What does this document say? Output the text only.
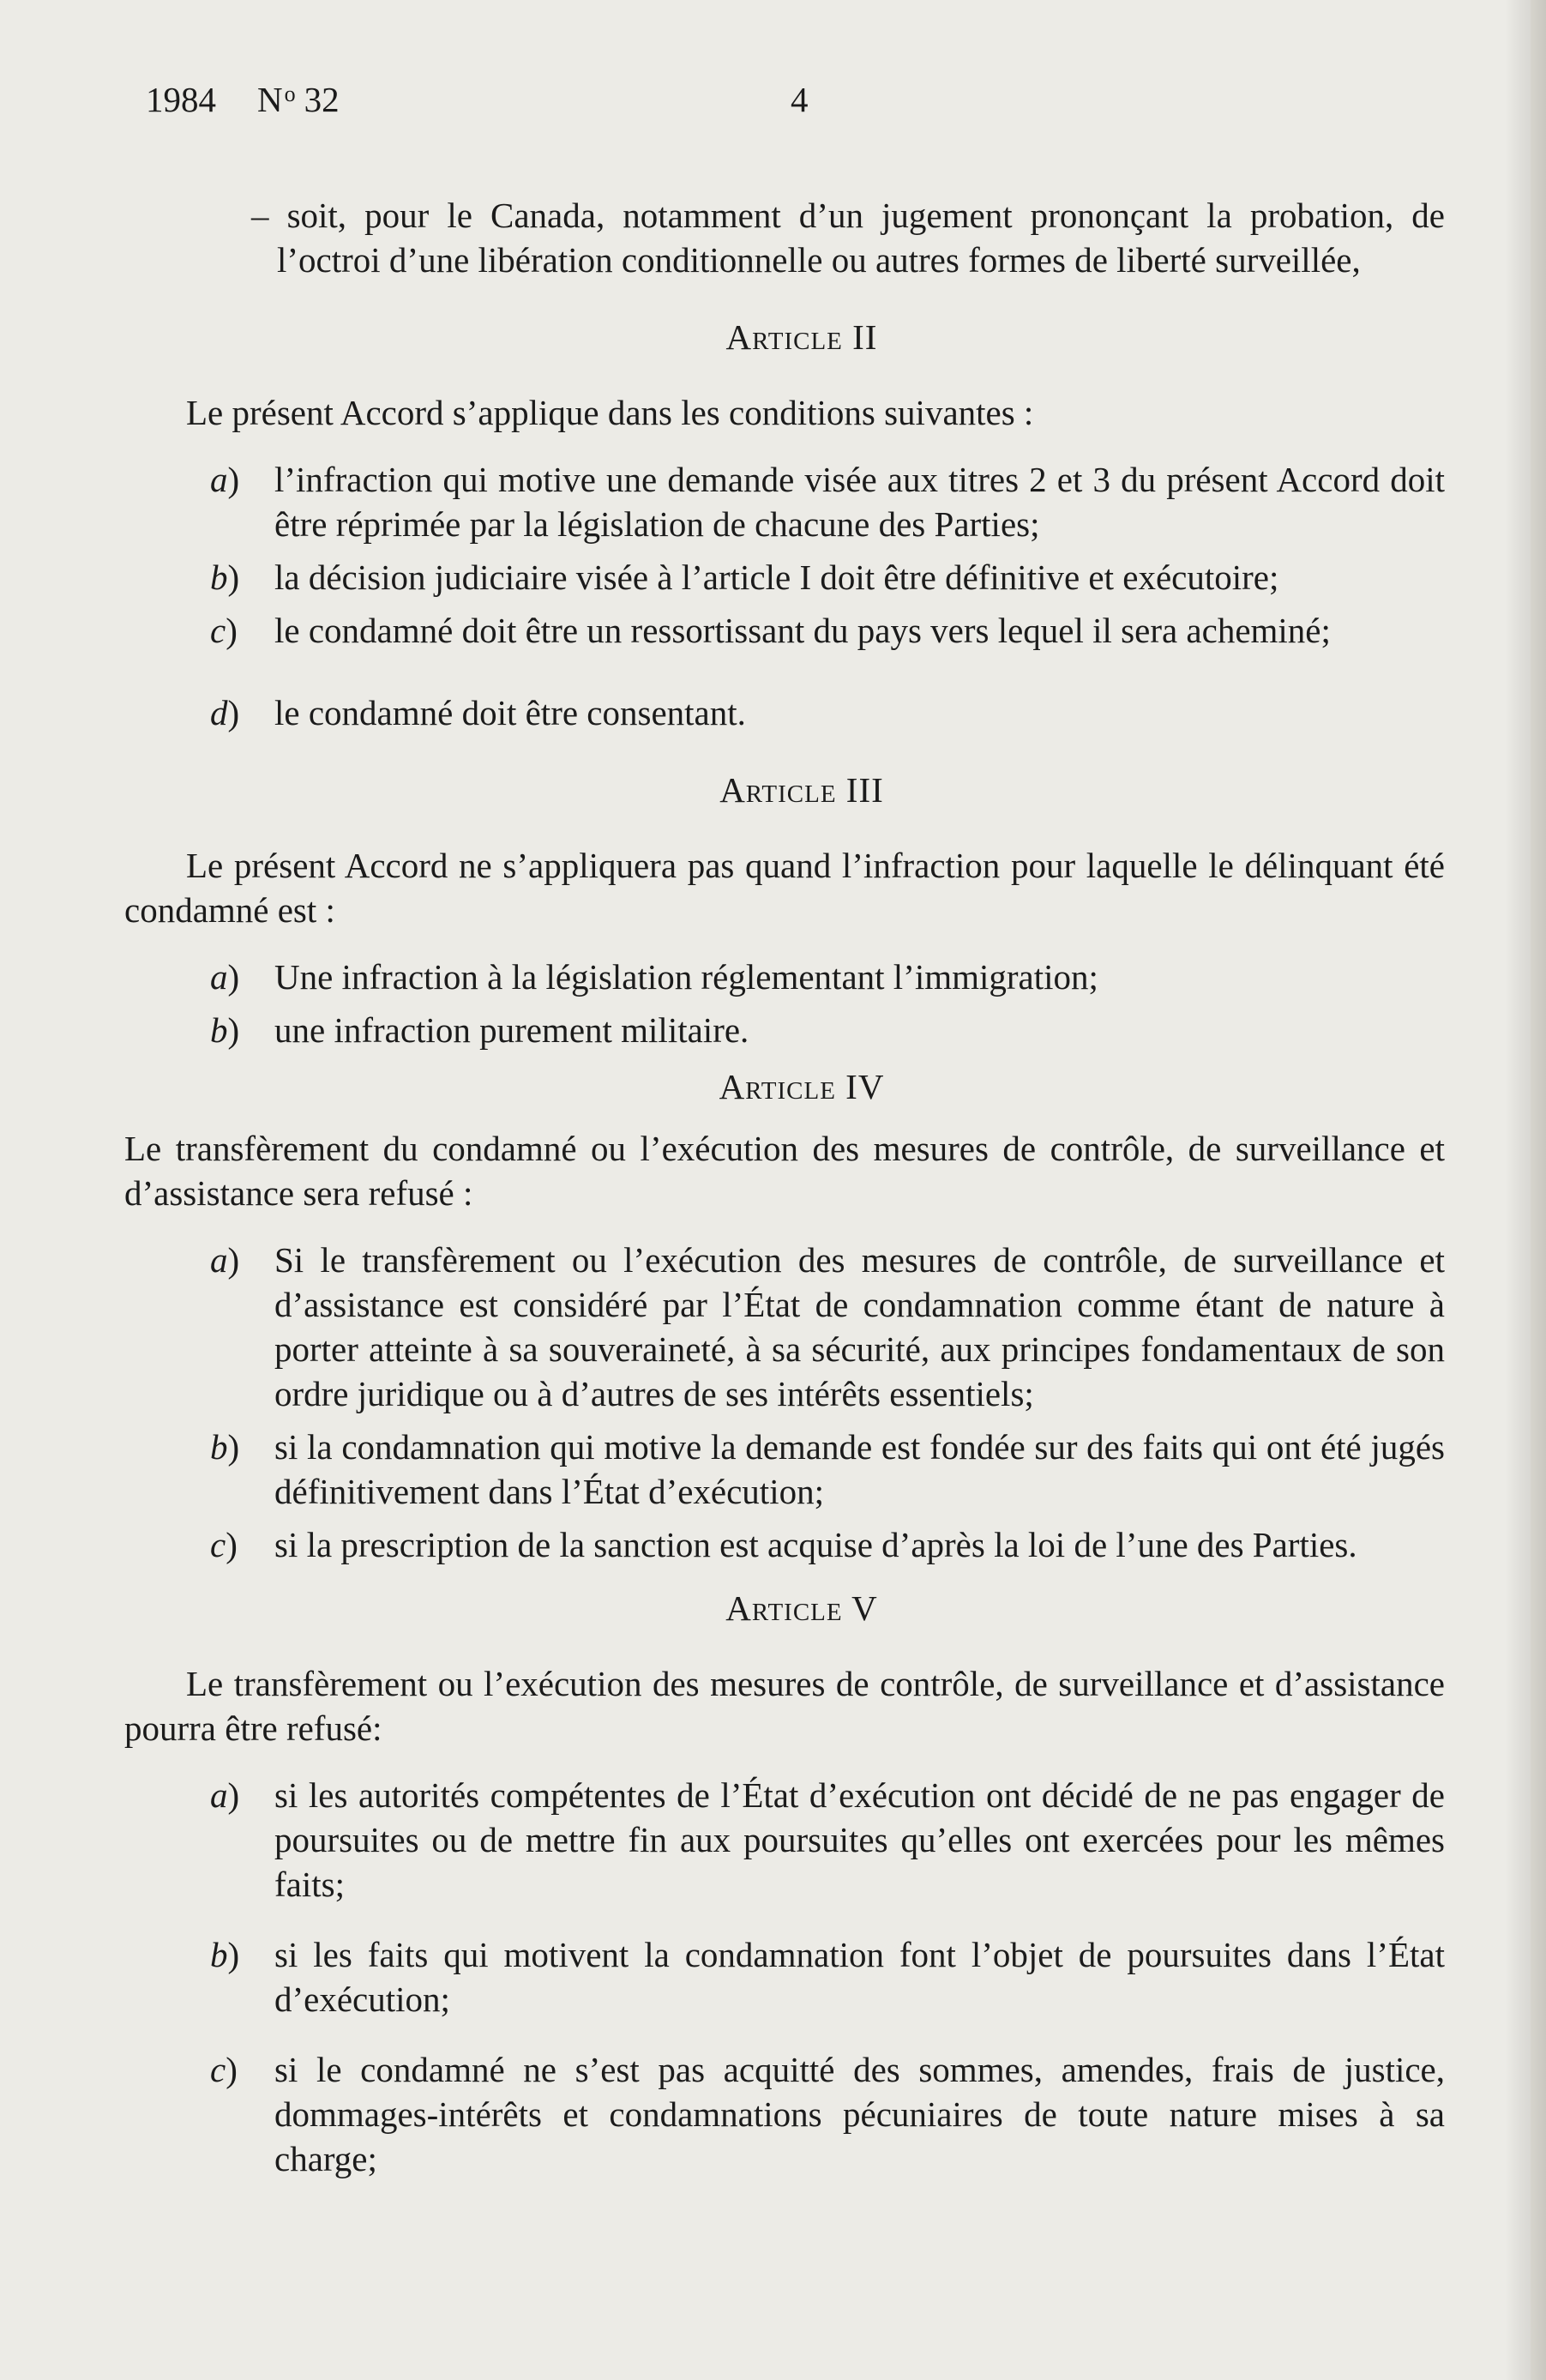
1984 $N^o$ 32	4

– soit, pour le Canada, notamment d’un jugement prononçant la probation, de l’octroi d’une libération conditionnelle ou autres formes de liberté surveillée,

Article II

Le présent Accord s’applique dans les conditions suivantes :

a) l’infraction qui motive une demande visée aux titres 2 et 3 du présent Accord doit être réprimée par la législation de chacune des Parties;
b) la décision judiciaire visée à l’article I doit être définitive et exécutoire;
c) le condamné doit être un ressortissant du pays vers lequel il sera acheminé;
d) le condamné doit être consentant.

Article III

Le présent Accord ne s’appliquera pas quand l’infraction pour laquelle le délinquant été condamné est :

a) Une infraction à la législation réglementant l’immigration;
b) une infraction purement militaire.

Article IV

Le transfèrement du condamné ou l’exécution des mesures de contrôle, de surveillance et d’assistance sera refusé :

a) Si le transfèrement ou l’exécution des mesures de contrôle, de surveillance et d’assistance est considéré par l’État de condamnation comme étant de nature à porter atteinte à sa souveraineté, à sa sécurité, aux principes fondamentaux de son ordre juridique ou à d’autres de ses intérêts essentiels;
b) si la condamnation qui motive la demande est fondée sur des faits qui ont été jugés définitivement dans l’État d’exécution;
c) si la prescription de la sanction est acquise d’après la loi de l’une des Parties.

Article V

Le transfèrement ou l’exécution des mesures de contrôle, de surveillance et d’assistance pourra être refusé:

a) si les autorités compétentes de l’État d’exécution ont décidé de ne pas engager de poursuites ou de mettre fin aux poursuites qu’elles ont exercées pour les mêmes faits;
b) si les faits qui motivent la condamnation font l’objet de poursuites dans l’État d’exécution;
c) si le condamné ne s’est pas acquitté des sommes, amendes, frais de justice, dommages-intérêts et condamnations pécuniaires de toute nature mises à sa charge;
